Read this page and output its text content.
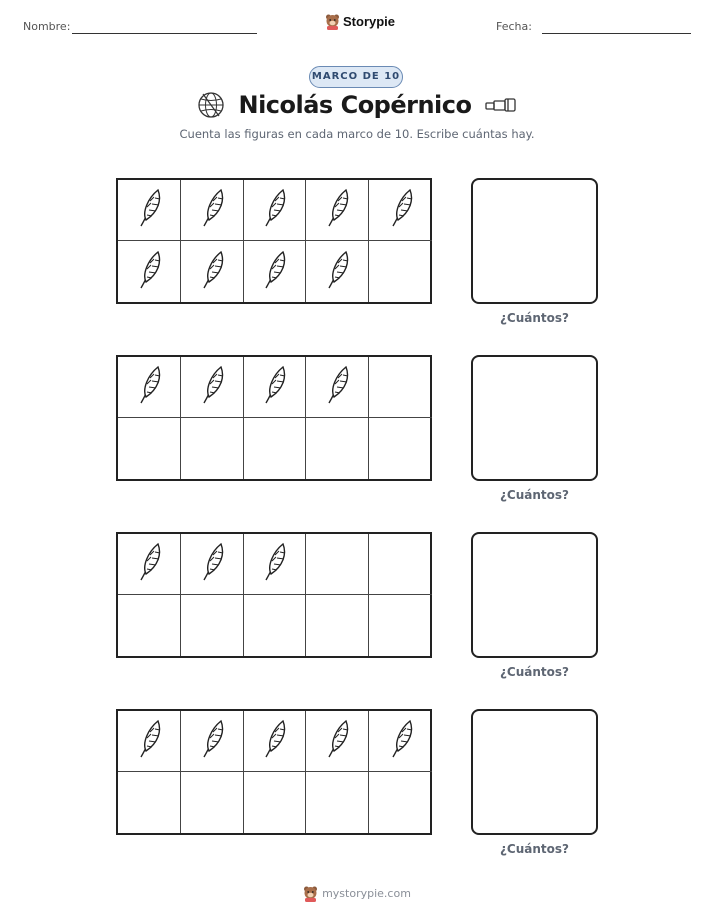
Nombre:	Storypie	Fecha:
MARCO DE 10
Nicolás Copérnico
Cuenta las figuras en cada marco de 10. Escribe cuántas hay.
¿Cuántos?
¿Cuántos?
¿Cuántos?
¿Cuántos?
mystorypie.com
